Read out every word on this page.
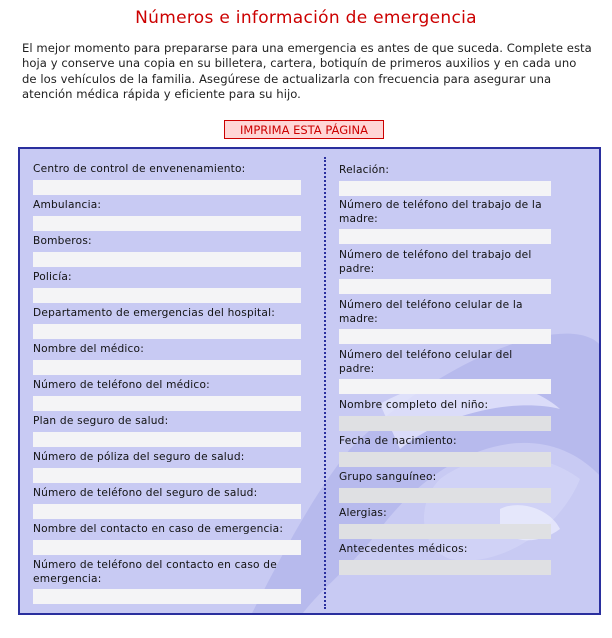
Números e información de emergencia
El mejor momento para prepararse para una emergencia es antes de que suceda. Complete esta hoja y conserve una copia en su billetera, cartera, botiquín de primeros auxilios y en cada uno de los vehículos de la familia. Asegúrese de actualizarla con frecuencia para asegurar una atención médica rápida y eficiente para su hijo.
IMPRIMA ESTA PÁGINA
Centro de control de envenenamiento:
Ambulancia:
Bomberos:
Policía:
Departamento de emergencias del hospital:
Nombre del médico:
Número de teléfono del médico:
Plan de seguro de salud:
Número de póliza del seguro de salud:
Número de teléfono del seguro de salud:
Nombre del contacto en caso de emergencia:
Número de teléfono del contacto en caso de emergencia:
Relación:
Número de teléfono del trabajo de la madre:
Número de teléfono del trabajo del padre:
Número del teléfono celular de la madre:
Número del teléfono celular del padre:
Nombre completo del niño:
Fecha de nacimiento:
Grupo sanguíneo:
Alergias:
Antecedentes médicos:
